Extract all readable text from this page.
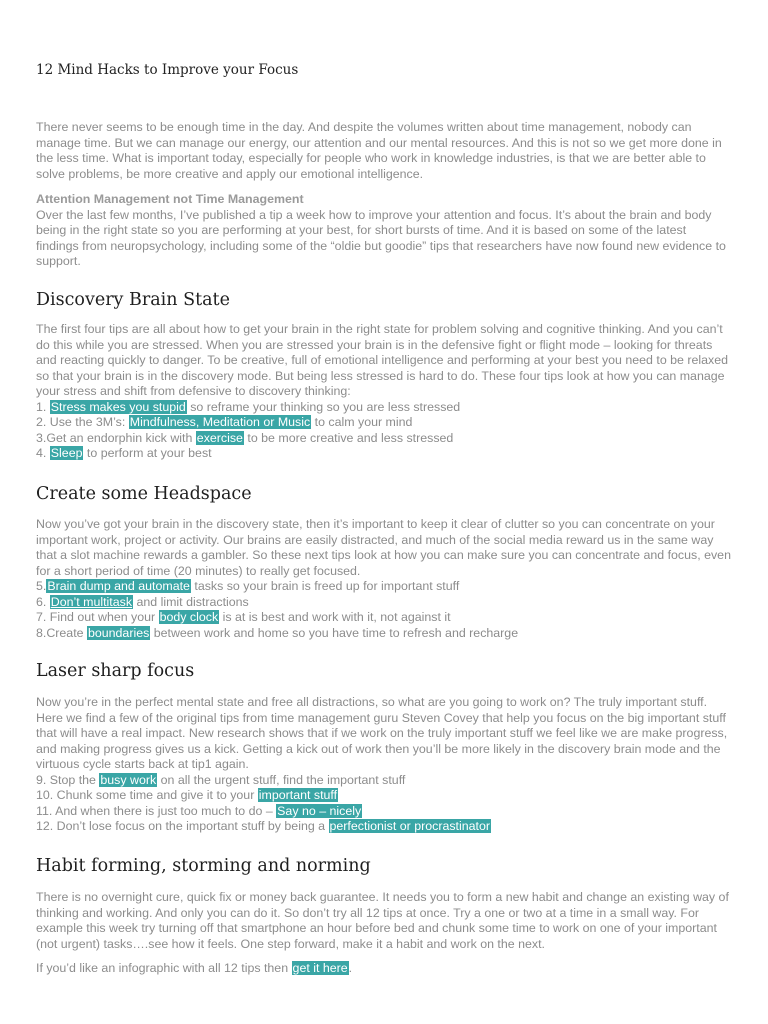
12 Mind Hacks to Improve your Focus

There never seems to be enough time in the day. And despite the volumes written about time management, nobody can manage time. But we can manage our energy, our attention and our mental resources. And this is not so we get more done in the less time. What is important today, especially for people who work in knowledge industries, is that we are better able to solve problems, be more creative and apply our emotional intelligence.

Attention Management not Time Management

Over the last few months, I’ve published a tip a week how to improve your attention and focus. It’s about the brain and body being in the right state so you are performing at your best, for short bursts of time. And it is based on some of the latest findings from neuropsychology, including some of the “oldie but goodie” tips that researchers have now found new evidence to support.

Discovery Brain State

The first four tips are all about how to get your brain in the right state for problem solving and cognitive thinking. And you can’t do this while you are stressed. When you are stressed your brain is in the defensive fight or flight mode – looking for threats and reacting quickly to danger. To be creative, full of emotional intelligence and performing at your best you need to be relaxed so that your brain is in the discovery mode. But being less stressed is hard to do. These four tips look at how you can manage your stress and shift from defensive to discovery thinking:

1. Stress makes you stupid so reframe your thinking so you are less stressed
2. Use the 3M’s: Mindfulness, Meditation or Music to calm your mind
3.Get an endorphin kick with exercise to be more creative and less stressed
4. Sleep to perform at your best
Create some Headspace

Now you’ve got your brain in the discovery state, then it’s important to keep it clear of clutter so you can concentrate on your important work, project or activity. Our brains are easily distracted, and much of the social media reward us in the same way that a slot machine rewards a gambler. So these next tips look at how you can make sure you can concentrate and focus, even for a short period of time (20 minutes) to really get focused.

5.Brain dump and automate tasks so your brain is freed up for important stuff
6. Don’t multitask and limit distractions
7. Find out when your body clock is at is best and work with it, not against it
8.Create boundaries between work and home so you have time to refresh and recharge
Laser sharp focus

Now you’re in the perfect mental state and free all distractions, so what are you going to work on? The truly important stuff. Here we find a few of the original tips from time management guru Steven Covey that help you focus on the big important stuff that will have a real impact. New research shows that if we work on the truly important stuff we feel like we are make progress, and making progress gives us a kick. Getting a kick out of work then you’ll be more likely in the discovery brain mode and the virtuous cycle starts back at tip1 again.

9. Stop the busy work on all the urgent stuff, find the important stuff
10. Chunk some time and give it to your important stuff
11. And when there is just too much to do – Say no – nicely
12. Don’t lose focus on the important stuff by being a perfectionist or procrastinator
Habit forming, storming and norming

There is no overnight cure, quick fix or money back guarantee. It needs you to form a new habit and change an existing way of thinking and working. And only you can do it. So don’t try all 12 tips at once. Try a one or two at a time in a small way. For example this week try turning off that smartphone an hour before bed and chunk some time to work on one of your important (not urgent) tasks….see how it feels. One step forward, make it a habit and work on the next.

If you’d like an infographic with all 12 tips then get it here.
